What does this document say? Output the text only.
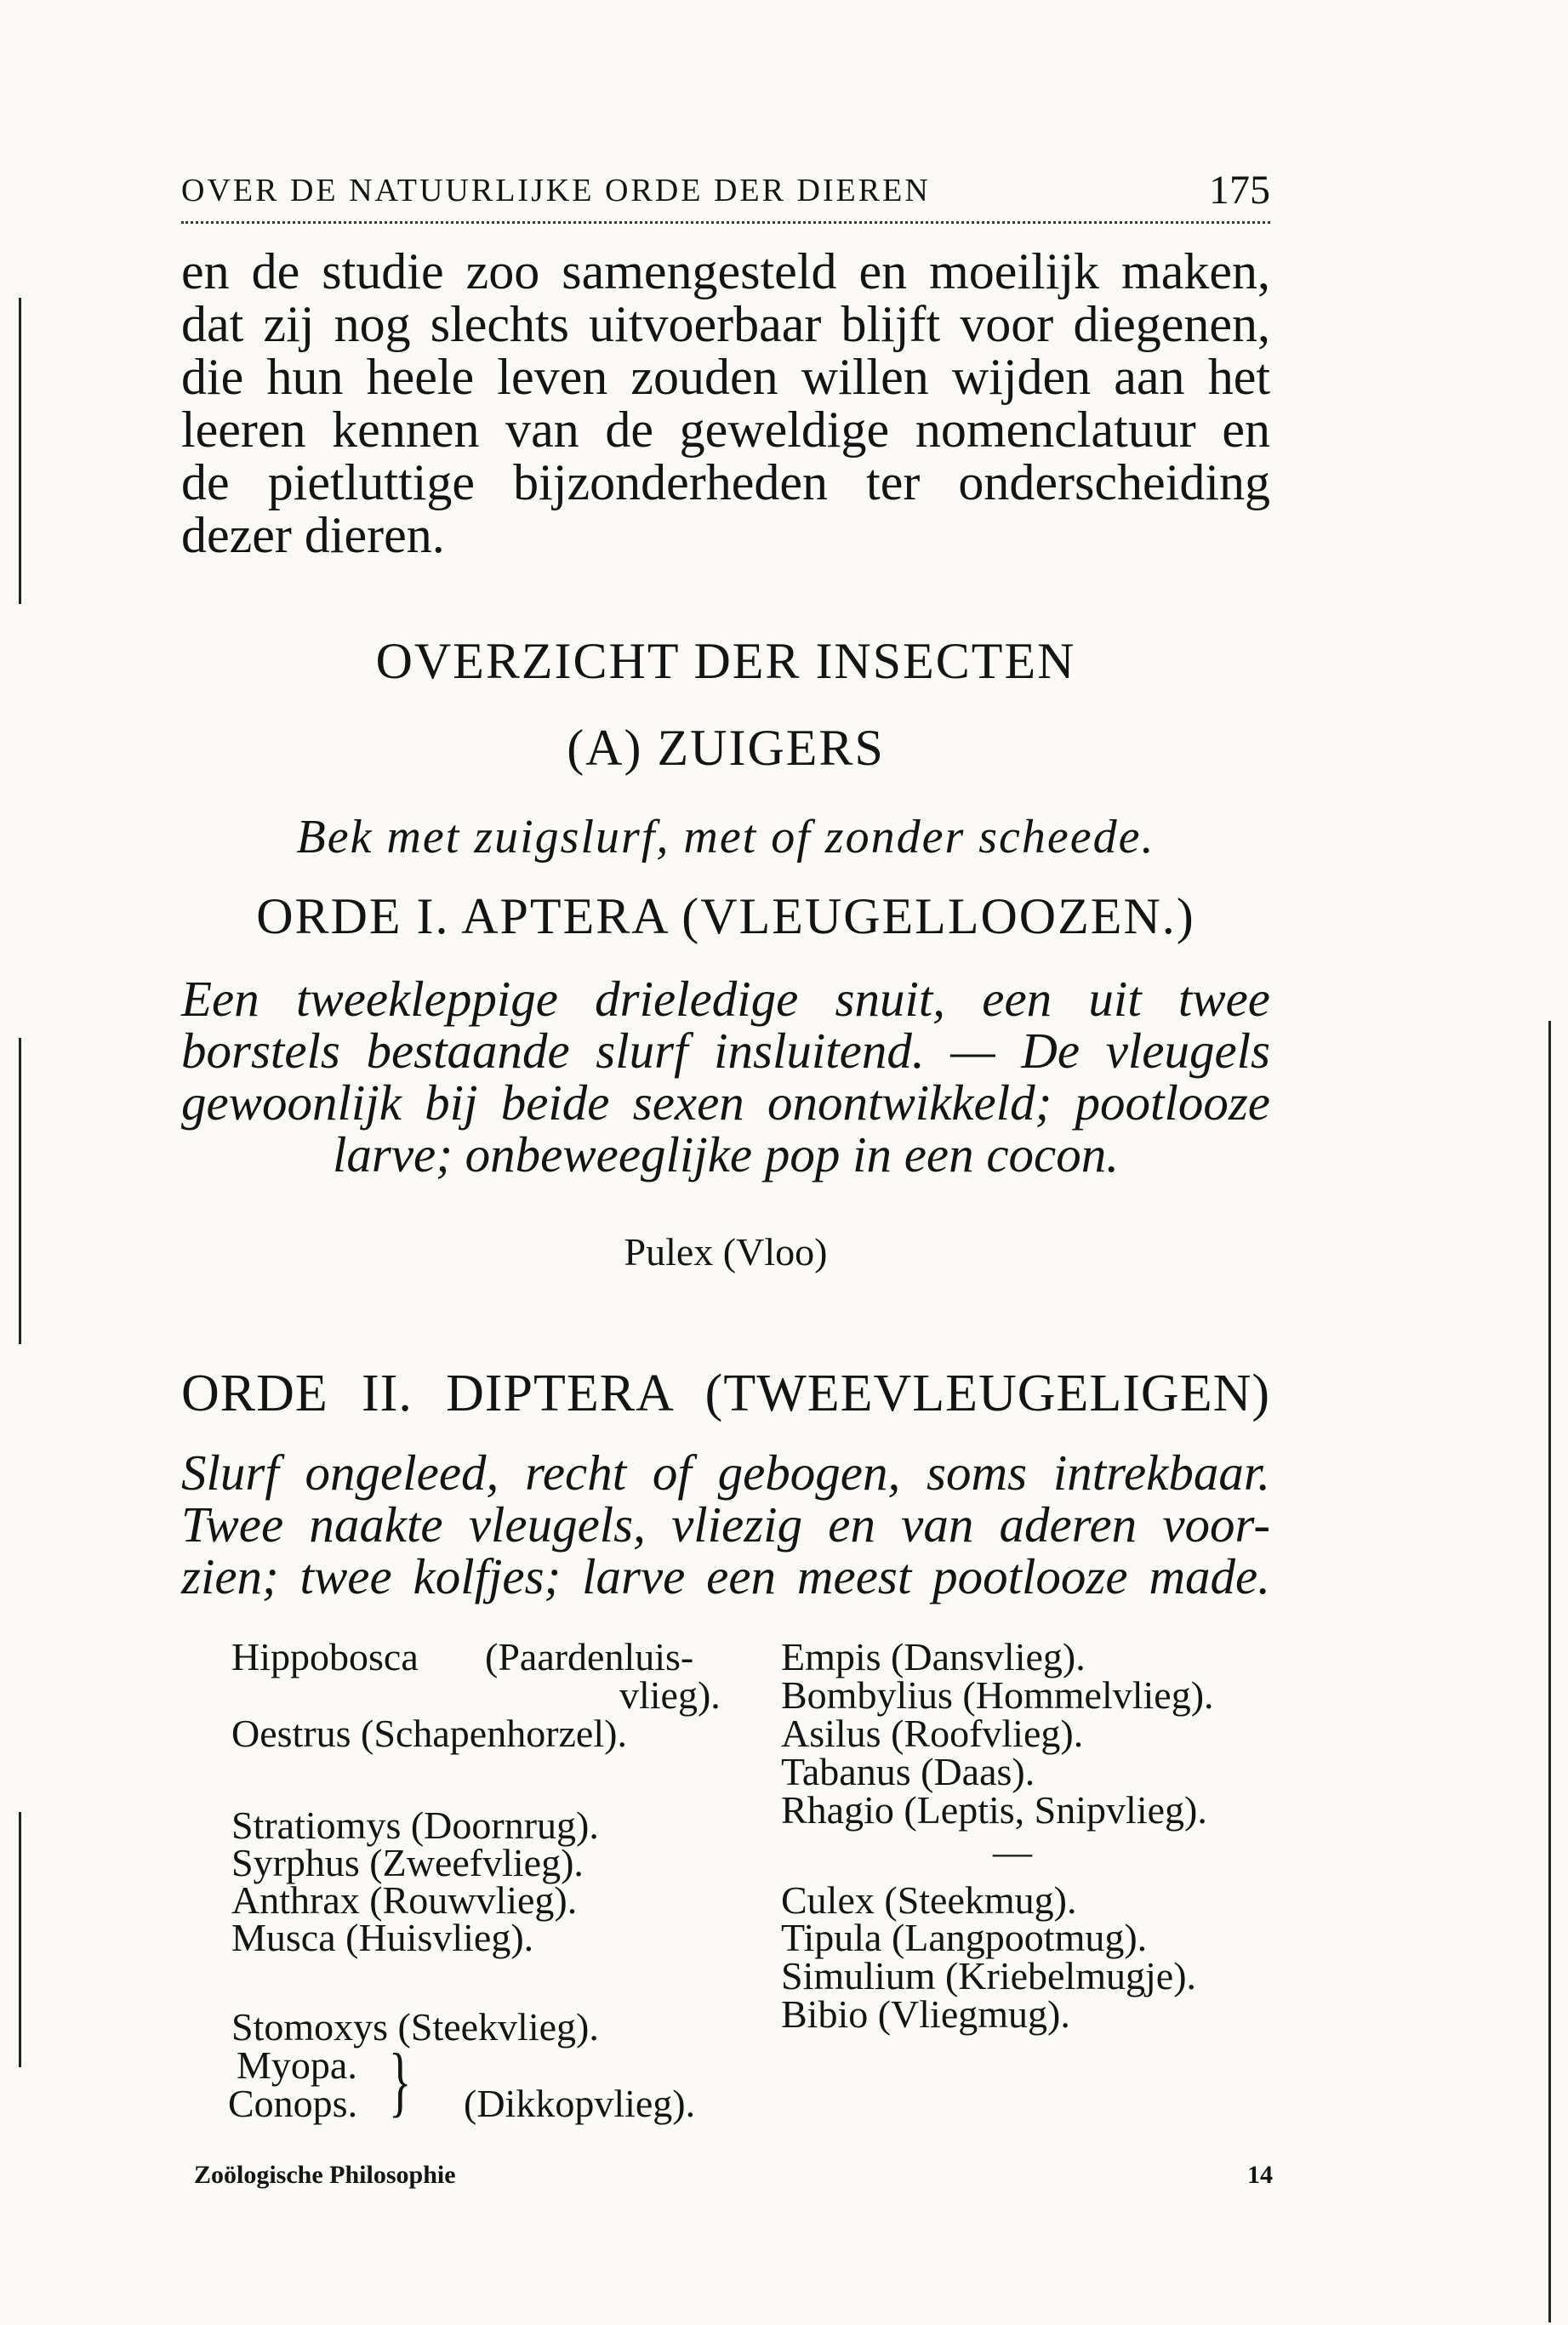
OVER DE NATUURLIJKE ORDE DER DIEREN	175
en de studie zoo samengesteld en moeilijk maken,
dat zij nog slechts uitvoerbaar blijft voor diegenen,
die hun heele leven zouden willen wijden aan het
leeren kennen van de geweldige nomenclatuur en
de pietluttige bijzonderheden ter onderscheiding
dezer dieren.
OVERZICHT DER INSECTEN
(A) ZUIGERS
Bek met zuigslurf, met of zonder scheede.
ORDE I. APTERA (VLEUGELLOOZEN.)
Een tweekleppige drieledige snuit, een uit twee
borstels bestaande slurf insluitend. — De vleugels
gewoonlijk bij beide sexen onontwikkeld; pootlooze
larve; onbeweeglijke pop in een cocon.
Pulex (Vloo)
ORDE II. DIPTERA (TWEEVLEUGELIGEN)
Slurf ongeleed, recht of gebogen, soms intrekbaar.
Twee naakte vleugels, vliezig en van aderen voor-
zien; twee kolfjes; larve een meest pootlooze made.
Hippobosca (Paardenluis-
vlieg).
Oestrus (Schapenhorzel).
Stratiomys (Doornrug).
Syrphus (Zweefvlieg).
Anthrax (Rouwvlieg).
Musca (Huisvlieg).
Stomoxys (Steekvlieg).
Myopa.
Conops. } (Dikkopvlieg).
Empis (Dansvlieg).
Bombylius (Hommelvlieg).
Asilus (Roofvlieg).
Tabanus (Daas).
Rhagio (Leptis, Snipvlieg).
—
Culex (Steekmug).
Tipula (Langpootmug).
Simulium (Kriebelmugje).
Bibio (Vliegmug).
Zoölogische Philosophie	14
